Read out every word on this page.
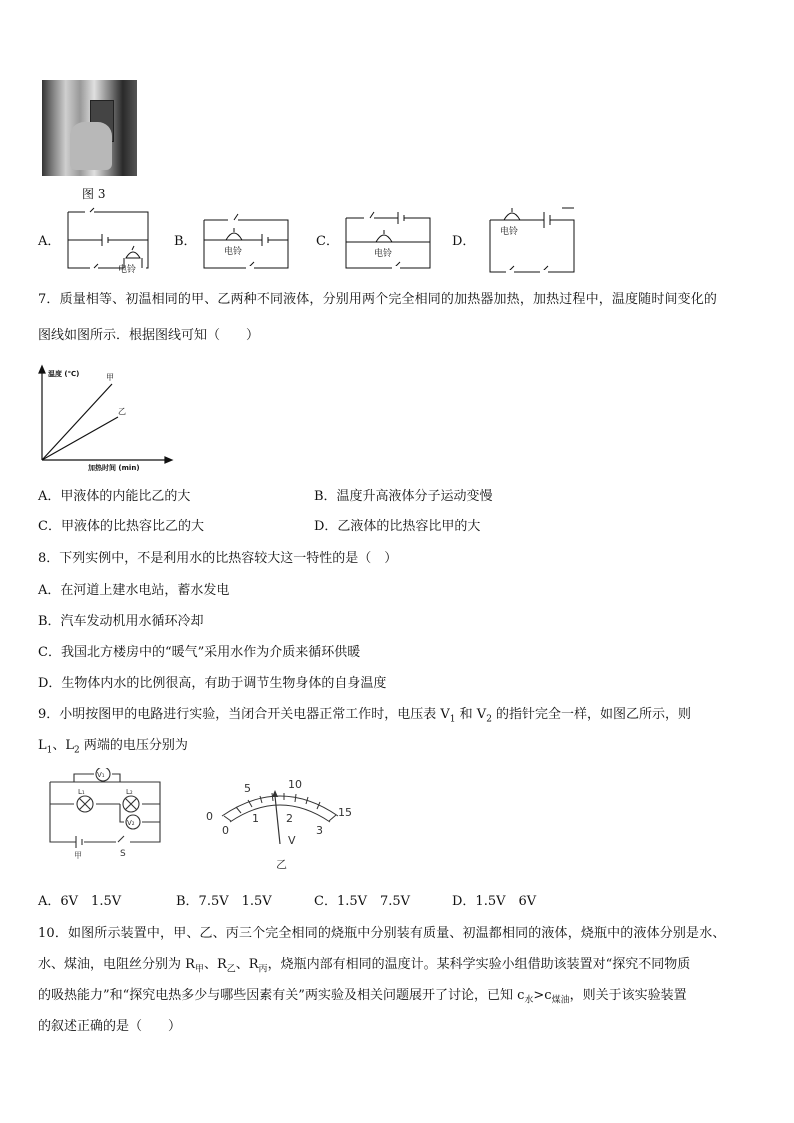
图 3
A．
电铃
B．
电铃
C．
电铃
D．
电铃
7．质量相等、初温相同的甲、乙两种不同液体，分别用两个完全相同的加热器加热，加热过程中，温度随时间变化的
图线如图所示．根据图线可知（　　）
温度 (℃)
加热时间 (min)
甲
乙
A．甲液体的内能比乙的大	B．温度升高液体分子运动变慢
C．甲液体的比热容比乙的大	D．乙液体的比热容比甲的大
8．下列实例中，不是利用水的比热容较大这一特性的是（　）
A．在河道上建水电站，蓄水发电
B．汽车发动机用水循环冷却
C．我国北方楼房中的“暖气”采用水作为介质来循环供暖
D．生物体内水的比例很高，有助于调节生物身体的自身温度
9．小明按图甲的电路进行实验，当闭合开关电器正常工作时，电压表 $V_1$ 和 $V_2$ 的指针完全一样，如图乙所示，则
$L_1$、$L_2$ 两端的电压分别为
V₁
V₂
L₁	L₂
S
甲
0
5	10
15
0
1 2
3
V
乙
A．6V　1.5V	B．7.5V　1.5V	C．1.5V　7.5V	D．1.5V　6V
10．如图所示装置中，甲、乙、丙三个完全相同的烧瓶中分别装有质量、初温都相同的液体，烧瓶中的液体分别是水、
水、煤油，电阻丝分别为 $R_甲$、$R_乙$、$R_丙$，烧瓶内部有相同的温度计。某科学实验小组借助该装置对“探究不同物质
的吸热能力”和“探究电热多少与哪些因素有关”两实验及相关问题展开了讨论，已知 $c_水>c_{煤油}$，则关于该实验装置
的叙述正确的是（　　）
